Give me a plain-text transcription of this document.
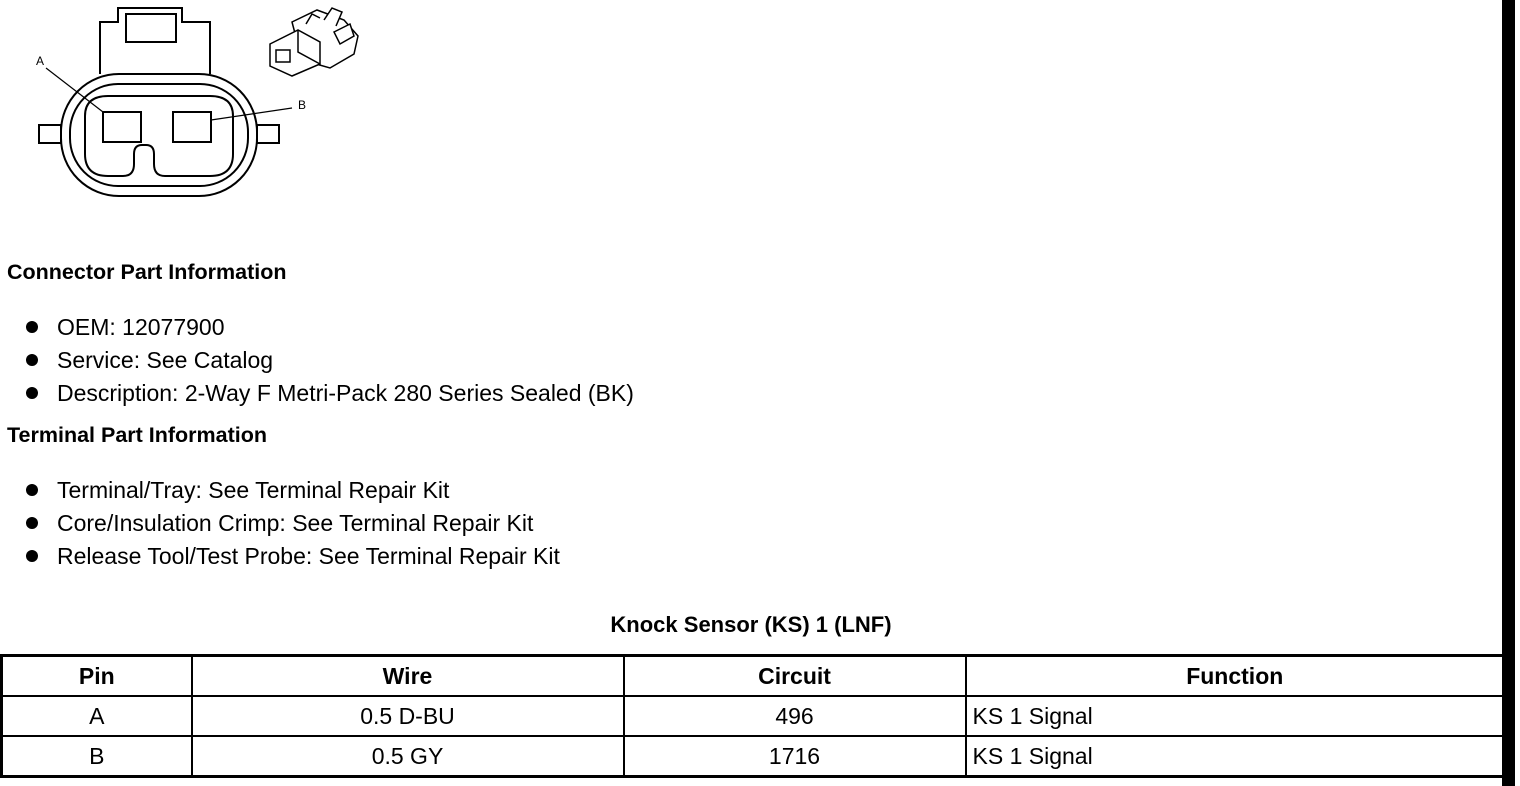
A
B
Connector Part Information
OEM: 12077900
Service: See Catalog
Description: 2-Way F Metri-Pack 280 Series Sealed (BK)
Terminal Part Information
Terminal/Tray: See Terminal Repair Kit
Core/Insulation Crimp: See Terminal Repair Kit
Release Tool/Test Probe: See Terminal Repair Kit
Knock Sensor (KS) 1 (LNF)
Pin	Wire	Circuit	Function
A	0.5 D-BU	496	KS 1 Signal
B	0.5 GY	1716	KS 1 Signal
